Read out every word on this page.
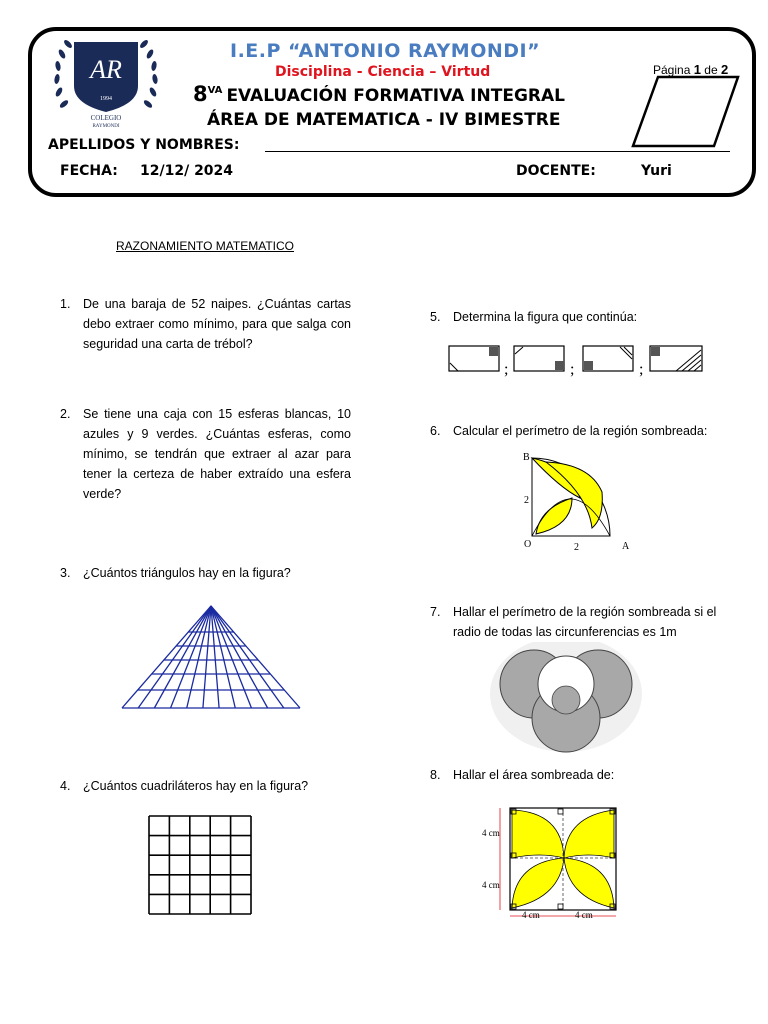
AR
1994
COLEGIO
RAYMONDI
I.E.P “ANTONIO RAYMONDI”
Disciplina - Ciencia – Virtud	Página 1 de 2
$8^{VA}$ EVALUACIÓN FORMATIVA INTEGRAL
ÁREA DE MATEMATICA - IV BIMESTRE
APELLIDOS Y NOMBRES:
FECHA: 12/12/ 2024	DOCENTE:	Yuri
RAZONAMIENTO MATEMATICO
1. De una baraja de 52 naipes. ¿Cuántas cartas debo extraer como mínimo, para que salga con seguridad una carta de trébol?
2. Se tiene una caja con 15 esferas blancas, 10 azules y 9 verdes. ¿Cuántas esferas, como mínimo, se tendrán que extraer al azar para tener la certeza de haber extraído una esfera verde?
3. ¿Cuántos triángulos hay en la figura?
4. ¿Cuántos cuadriláteros hay en la figura?
5. Determina la figura que continúa:
;	;	;
6. Calcular el perímetro de la región sombreada:
B
2
O	2	A
7. Hallar el perímetro de la región sombreada si el radio de todas las circunferencias es 1m
8. Hallar el área sombreada de:
4 cm
4 cm
4 cm	4 cm
